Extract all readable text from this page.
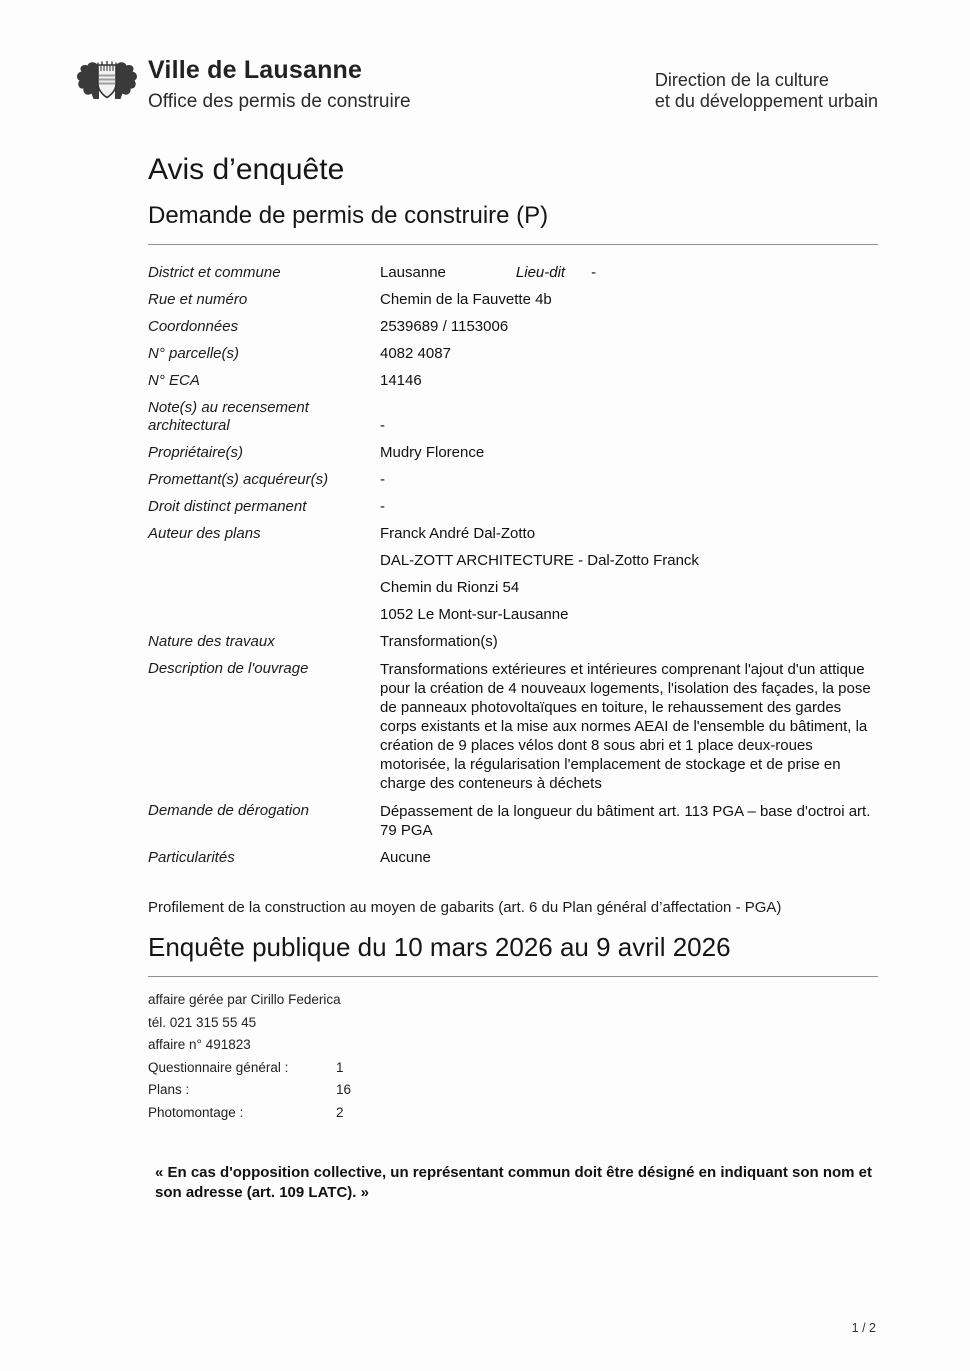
Ville de Lausanne
Office des permis de construire
Direction de la culture
et du développement urbain
Avis d’enquête
Demande de permis de construire (P)
District et commune	Lausanne	Lieu-dit -
Rue et numéro	Chemin de la Fauvette 4b
Coordonnées	2539689 / 1153006
N° parcelle(s)	4082 4087
N° ECA	14146
Note(s) au recensement architectural	-
Propriétaire(s)	Mudry Florence
Promettant(s) acquéreur(s)	-
Droit distinct permanent	-
Auteur des plans	Franck André Dal-Zotto
DAL-ZOTT ARCHITECTURE - Dal-Zotto Franck
Chemin du Rionzi 54
1052 Le Mont-sur-Lausanne
Nature des travaux	Transformation(s)
Description de l'ouvrage	Transformations extérieures et intérieures comprenant l'ajout d'un attique pour la création de 4 nouveaux logements, l'isolation des façades, la pose de panneaux photovoltaïques en toiture, le rehaussement des gardes corps existants et la mise aux normes AEAI de l'ensemble du bâtiment, la création de 9 places vélos dont 8 sous abri et 1 place deux-roues motorisée, la régularisation l'emplacement de stockage et de prise en charge des conteneurs à déchets
Demande de dérogation	Dépassement de la longueur du bâtiment art. 113 PGA – base d'octroi art. 79 PGA
Particularités	Aucune
Profilement de la construction au moyen de gabarits (art. 6 du Plan général d’affectation - PGA)
Enquête publique du 10 mars 2026 au 9 avril 2026
affaire gérée par Cirillo Federica
tél. 021 315 55 45
affaire n° 491823
Questionnaire général :	1
Plans :	16
Photomontage :	2
« En cas d'opposition collective, un représentant commun doit être désigné en indiquant son nom et son adresse (art. 109 LATC). »
1 / 2
